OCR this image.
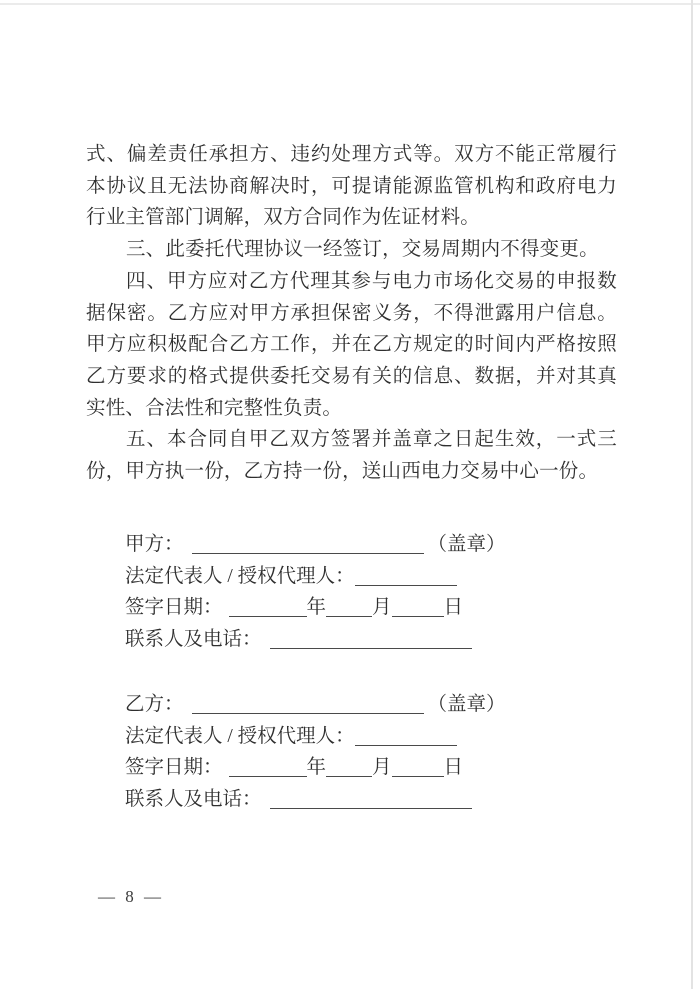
式、偏差责任承担方、违约处理方式等。双方不能正常履行本协议且无法协商解决时，可提请能源监管机构和政府电力行业主管部门调解，双方合同作为佐证材料。

三、此委托代理协议一经签订，交易周期内不得变更。

四、甲方应对乙方代理其参与电力市场化交易的申报数据保密。乙方应对甲方承担保密义务，不得泄露用户信息。甲方应积极配合乙方工作，并在乙方规定的时间内严格按照乙方要求的格式提供委托交易有关的信息、数据，并对其真实性、合法性和完整性负责。

五、本合同自甲乙双方签署并盖章之日起生效，一式三份，甲方执一份，乙方持一份，送山西电力交易中心一份。

甲方：	（盖章）
法定代表人 / 授权代理人：
签字日期：	年 月	日
联系人及电话：
乙方：	（盖章）
法定代表人 / 授权代理人：
签字日期：	年 月	日
联系人及电话：
— 8 —
